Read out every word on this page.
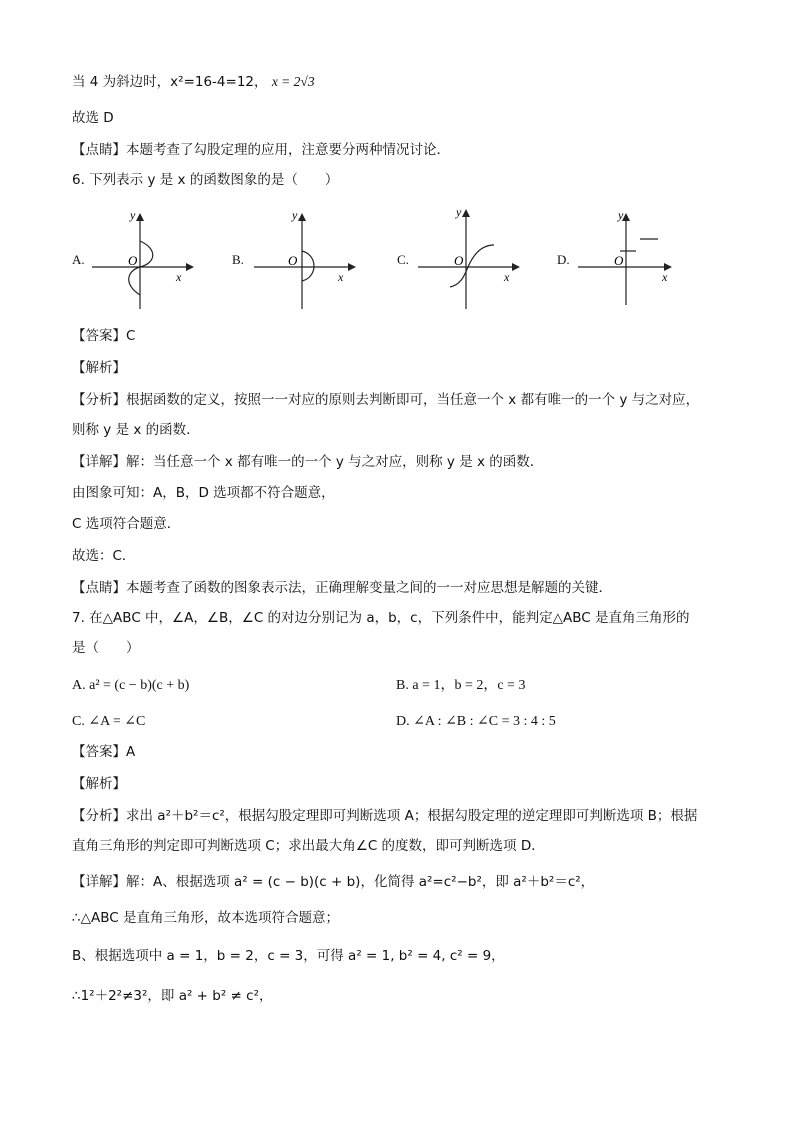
当 4 为斜边时，x²=16-4=12， x = 2√3
故选 D
【点睛】本题考查了勾股定理的应用，注意要分两种情况讨论．
6. 下列表示 y 是 x 的函数图象的是（　　）
A.
x
y
O	B.
x
y
O	C.
x
y
O	D.
x
y
O
【答案】C
【解析】
【分析】根据函数的定义，按照一一对应的原则去判断即可，当任意一个 x 都有唯一的一个 y 与之对应，
则称 y 是 x 的函数．
【详解】解：当任意一个 x 都有唯一的一个 y 与之对应，则称 y 是 x 的函数．
由图象可知：A，B，D 选项都不符合题意，
C 选项符合题意．
故选：C．
【点睛】本题考查了函数的图象表示法，正确理解变量之间的一一对应思想是解题的关键．
7. 在△ABC 中，∠A，∠B，∠C 的对边分别记为 a，b，c，下列条件中，能判定△ABC 是直角三角形的
是（　　）
A. a² = (c − b)(c + b)	B. a = 1，b = 2，c = 3
C. ∠A = ∠C	D. ∠A : ∠B : ∠C = 3 : 4 : 5
【答案】A
【解析】
【分析】求出 a²＋b²＝c²，根据勾股定理即可判断选项 A；根据勾股定理的逆定理即可判断选项 B；根据
直角三角形的判定即可判断选项 C；求出最大角∠C 的度数，即可判断选项 D．
【详解】解：A、根据选项 a² = (c − b)(c + b)，化简得 a²=c²−b²，即 a²＋b²＝c²，
∴△ABC 是直角三角形，故本选项符合题意；
B、根据选项中 a = 1，b = 2，c = 3，可得 a² = 1, b² = 4, c² = 9，
∴1²＋2²≠3²，即 a² + b² ≠ c²，
